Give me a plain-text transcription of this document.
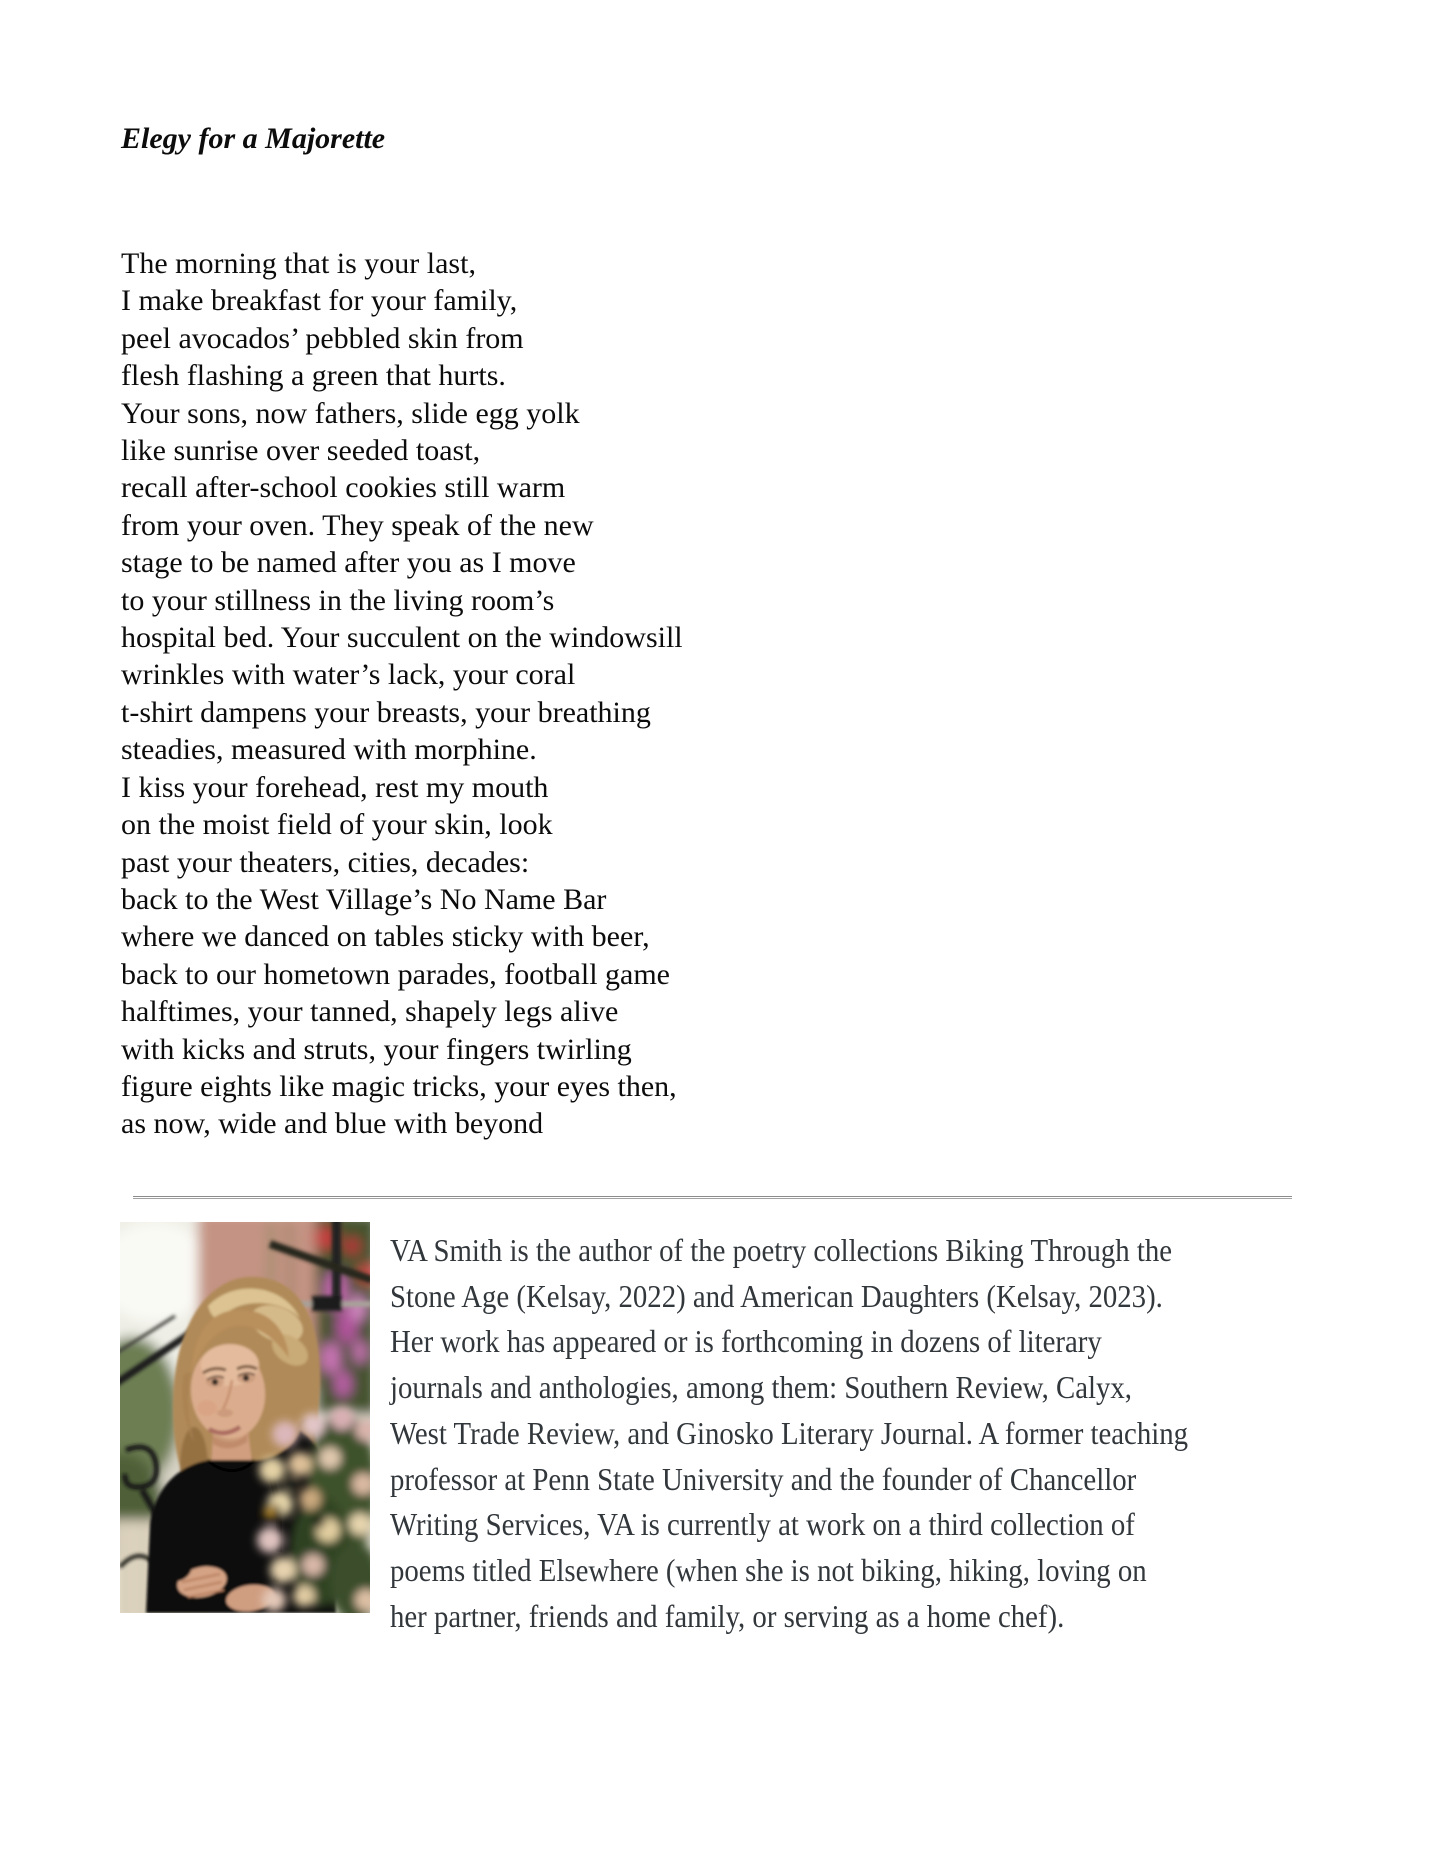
Elegy for a Majorette
The morning that is your last,
I make breakfast for your family,
peel avocados’ pebbled skin from
flesh flashing a green that hurts.
Your sons, now fathers, slide egg yolk
like sunrise over seeded toast,
recall after-school cookies still warm
from your oven. They speak of the new
stage to be named after you as I move
to your stillness in the living room’s
hospital bed. Your succulent on the windowsill
wrinkles with water’s lack, your coral
t-shirt dampens your breasts, your breathing
steadies, measured with morphine.
I kiss your forehead, rest my mouth
on the moist field of your skin, look
past your theaters, cities, decades:
back to the West Village’s No Name Bar
where we danced on tables sticky with beer,
back to our hometown parades, football game
halftimes, your tanned, shapely legs alive
with kicks and struts, your fingers twirling
figure eights like magic tricks, your eyes then,
as now, wide and blue with beyond
VA Smith is the author of the poetry collections Biking Through the
Stone Age (Kelsay, 2022) and American Daughters (Kelsay, 2023).
Her work has appeared or is forthcoming in dozens of literary
journals and anthologies, among them: Southern Review, Calyx,
West Trade Review, and Ginosko Literary Journal. A former teaching
professor at Penn State University and the founder of Chancellor
Writing Services, VA is currently at work on a third collection of
poems titled Elsewhere (when she is not biking, hiking, loving on
her partner, friends and family, or serving as a home chef).
